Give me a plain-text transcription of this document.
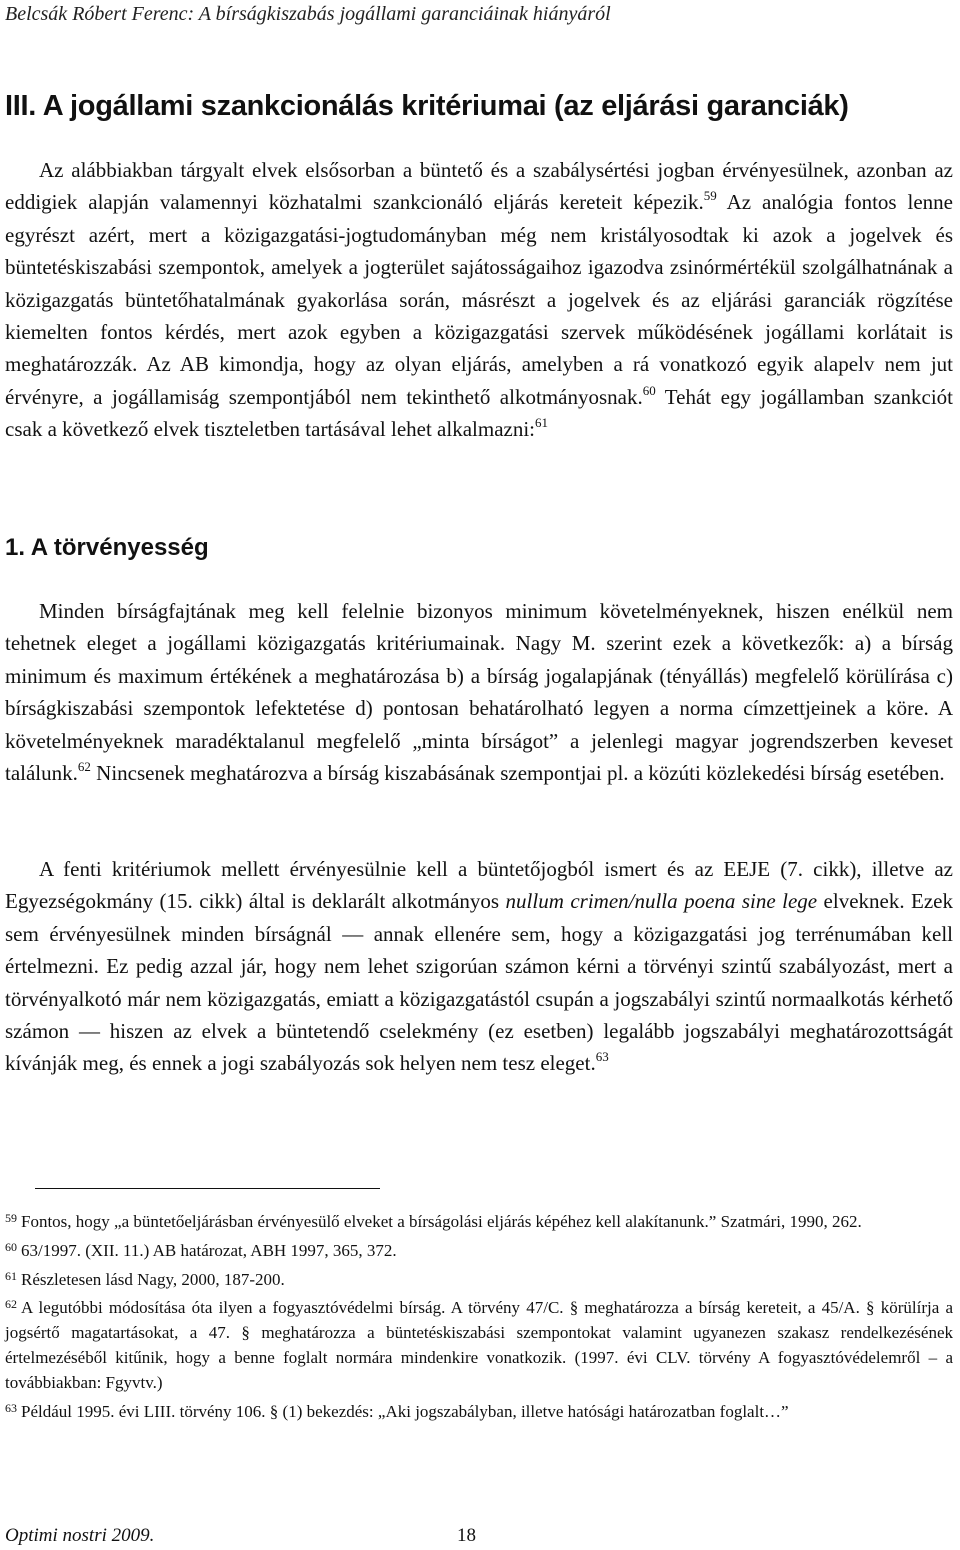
Belcsák Róbert Ferenc: A bírságkiszabás jogállami garanciáinak hiányáról
III. A jogállami szankcionálás kritériumai (az eljárási garanciák)

Az alábbiakban tárgyalt elvek elsősorban a büntető és a szabálysértési jogban érvényesülnek, azonban az eddigiek alapján valamennyi közhatalmi szankcionáló eljárás kereteit képezik.$^{59}$ Az analógia fontos lenne egyrészt azért, mert a közigazgatási-jogtudományban még nem kristályosodtak ki azok a jogelvek és büntetéskiszabási szempontok, amelyek a jogterület sajátosságaihoz igazodva zsinórmértékül szolgálhatnának a közigazgatás büntetőhatalmának gyakorlása során, másrészt a jogelvek és az eljárási garanciák rögzítése kiemelten fontos kérdés, mert azok egyben a közigazgatási szervek működésének jogállami korlátait is meghatározzák. Az AB kimondja, hogy az olyan eljárás, amelyben a rá vonatkozó egyik alapelv nem jut érvényre, a jogállamiság szempontjából nem tekinthető alkotmányosnak.$^{60}$ Tehát egy jogállamban szankciót csak a következő elvek tiszteletben tartásával lehet alkalmazni:$^{61}$

1. A törvényesség

Minden bírságfajtának meg kell felelnie bizonyos minimum követelményeknek, hiszen enélkül nem tehetnek eleget a jogállami közigazgatás kritériumainak. Nagy M. szerint ezek a következők: a) a bírság minimum és maximum értékének a meghatározása b) a bírság jogalapjának (tényállás) megfelelő körülírása c) bírságkiszabási szempontok lefektetése d) pontosan behatárolható legyen a norma címzettjeinek a köre. A követelményeknek maradéktalanul megfelelő „minta bírságot” a jelenlegi magyar jogrendszerben keveset találunk.$^{62}$ Nincsenek meghatározva a bírság kiszabásának szempontjai pl. a közúti közlekedési bírság esetében.

A fenti kritériumok mellett érvényesülnie kell a büntetőjogból ismert és az EEJE (7. cikk), illetve az Egyezségokmány (15. cikk) által is deklarált alkotmányos nullum crimen/nulla poena sine lege elveknek. Ezek sem érvényesülnek minden bírságnál –– annak ellenére sem, hogy a közigazgatási jog terrénumában kell értelmezni. Ez pedig azzal jár, hogy nem lehet szigorúan számon kérni a törvényi szintű szabályozást, mert a törvényalkotó már nem közigazgatás, emiatt a közigazgatástól csupán a jogszabályi szintű normaalkotás kérhető számon –– hiszen az elvek a büntetendő cselekmény (ez esetben) legalább jogszabályi meghatározottságát kívánják meg, és ennek a jogi szabályozás sok helyen nem tesz eleget.$^{63}$

$^{59}$ Fontos, hogy „a büntetőeljárásban érvényesülő elveket a bírságolási eljárás képéhez kell alakítanunk.” Szatmári, 1990, 262.

$^{60}$ 63/1997. (XII. 11.) AB határozat, ABH 1997, 365, 372.

$^{61}$ Részletesen lásd Nagy, 2000, 187-200.

$^{62}$ A legutóbbi módosítása óta ilyen a fogyasztóvédelmi bírság. A törvény 47/C. § meghatározza a bírság kereteit, a 45/A. § körülírja a jogsértő magatartásokat, a 47. § meghatározza a büntetéskiszabási szempontokat valamint ugyanezen szakasz rendelkezésének értelmezéséből kitűnik, hogy a benne foglalt normára mindenkire vonatkozik. (1997. évi CLV. törvény A fogyasztóvédelemről – a továbbiakban: Fgyvtv.)

$^{63}$ Például 1995. évi LIII. törvény 106. § (1) bekezdés: „Aki jogszabályban, illetve hatósági határozatban foglalt…”

Optimi nostri 2009.	18
